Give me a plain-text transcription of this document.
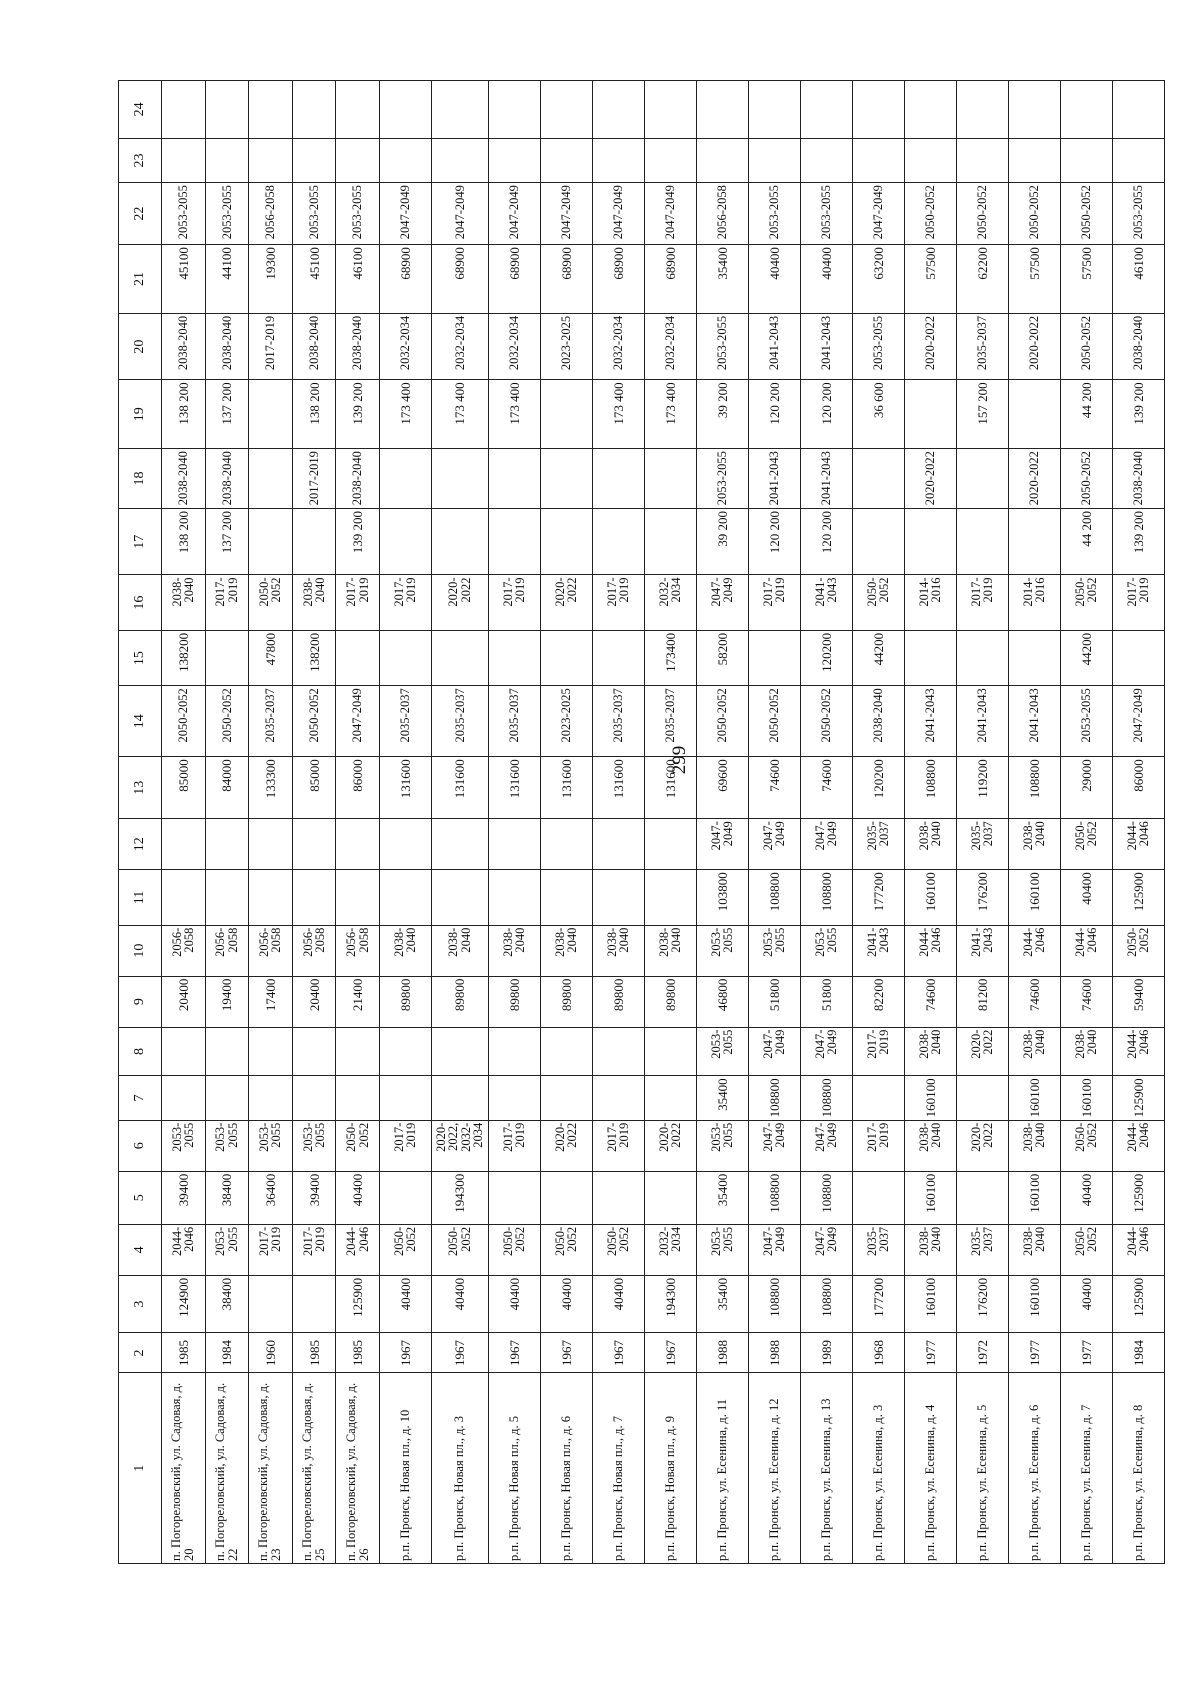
299
1	2	3	4	5	6	7	8	9	10	11	12	13	14	15	16	17	18	19	20	21	22	23	24
п. Погореловский, ул. Садовая, д. 20	1985	124900	2044-2046	39400	2053-2055			20400	2056-2058			85000	2050-2052	138200	2038-2040	138 200	2038-2040	138 200	2038-2040	45100	2053-2055		
п. Погореловский, ул. Садовая, д. 22	1984	38400	2053-2055	38400	2053-2055			19400	2056-2058			84000	2050-2052		2017-2019	137 200	2038-2040	137 200	2038-2040	44100	2053-2055		
п. Погореловский, ул. Садовая, д. 23	1960		2017-2019	36400	2053-2055			17400	2056-2058			133300	2035-2037	47800	2050-2052				2017-2019	19300	2056-2058		
п. Погореловский, ул. Садовая, д. 25	1985		2017-2019	39400	2053-2055			20400	2056-2058			85000	2050-2052	138200	2038-2040		2017-2019	138 200	2038-2040	45100	2053-2055		
п. Погореловский, ул. Садовая, д. 26	1985	125900	2044-2046	40400	2050-2052			21400	2056-2058			86000	2047-2049		2017-2019	139 200	2038-2040	139 200	2038-2040	46100	2053-2055		
р.п. Пронск, Новая пл., д. 10	1967	40400	2050-2052		2017-2019			89800	2038-2040			131600	2035-2037		2017-2019			173 400	2032-2034	68900	2047-2049		
р.п. Пронск, Новая пл., д. 3	1967	40400	2050-2052	194300	2020-2022, 2032-2034			89800	2038-2040			131600	2035-2037		2020-2022			173 400	2032-2034	68900	2047-2049		
р.п. Пронск, Новая пл., д. 5	1967	40400	2050-2052		2017-2019			89800	2038-2040			131600	2035-2037		2017-2019			173 400	2032-2034	68900	2047-2049		
р.п. Пронск, Новая пл., д. 6	1967	40400	2050-2052		2020-2022			89800	2038-2040			131600	2023-2025		2020-2022				2023-2025	68900	2047-2049		
р.п. Пронск, Новая пл., д. 7	1967	40400	2050-2052		2017-2019			89800	2038-2040			131600	2035-2037		2017-2019			173 400	2032-2034	68900	2047-2049		
р.п. Пронск, Новая пл., д. 9	1967	194300	2032-2034		2020-2022			89800	2038-2040			131600	2035-2037	173400	2032-2034			173 400	2032-2034	68900	2047-2049		
р.п. Пронск, ул. Есенина, д. 11	1988	35400	2053-2055	35400	2053-2055	35400	2053-2055	46800	2053-2055	103800	2047-2049	69600	2050-2052	58200	2047-2049	39 200	2053-2055	39 200	2053-2055	35400	2056-2058		
р.п. Пронск, ул. Есенина, д. 12	1988	108800	2047-2049	108800	2047-2049	108800	2047-2049	51800	2053-2055	108800	2047-2049	74600	2050-2052		2017-2019	120 200	2041-2043	120 200	2041-2043	40400	2053-2055		
р.п. Пронск, ул. Есенина, д. 13	1989	108800	2047-2049	108800	2047-2049	108800	2047-2049	51800	2053-2055	108800	2047-2049	74600	2050-2052	120200	2041-2043	120 200	2041-2043	120 200	2041-2043	40400	2053-2055		
р.п. Пронск, ул. Есенина, д. 3	1968	177200	2035-2037		2017-2019		2017-2019	82200	2041-2043	177200	2035-2037	120200	2038-2040	44200	2050-2052			36 600	2053-2055	63200	2047-2049		
р.п. Пронск, ул. Есенина, д. 4	1977	160100	2038-2040	160100	2038-2040	160100	2038-2040	74600	2044-2046	160100	2038-2040	108800	2041-2043		2014-2016		2020-2022		2020-2022	57500	2050-2052		
р.п. Пронск, ул. Есенина, д. 5	1972	176200	2035-2037		2020-2022		2020-2022	81200	2041-2043	176200	2035-2037	119200	2041-2043		2017-2019			157 200	2035-2037	62200	2050-2052		
р.п. Пронск, ул. Есенина, д. 6	1977	160100	2038-2040	160100	2038-2040	160100	2038-2040	74600	2044-2046	160100	2038-2040	108800	2041-2043		2014-2016		2020-2022		2020-2022	57500	2050-2052		
р.п. Пронск, ул. Есенина, д. 7	1977	40400	2050-2052	40400	2050-2052	160100	2038-2040	74600	2044-2046	40400	2050-2052	29000	2053-2055	44200	2050-2052	44 200	2050-2052	44 200	2050-2052	57500	2050-2052		
р.п. Пронск, ул. Есенина, д. 8	1984	125900	2044-2046	125900	2044-2046	125900	2044-2046	59400	2050-2052	125900	2044-2046	86000	2047-2049		2017-2019	139 200	2038-2040	139 200	2038-2040	46100	2053-2055		
